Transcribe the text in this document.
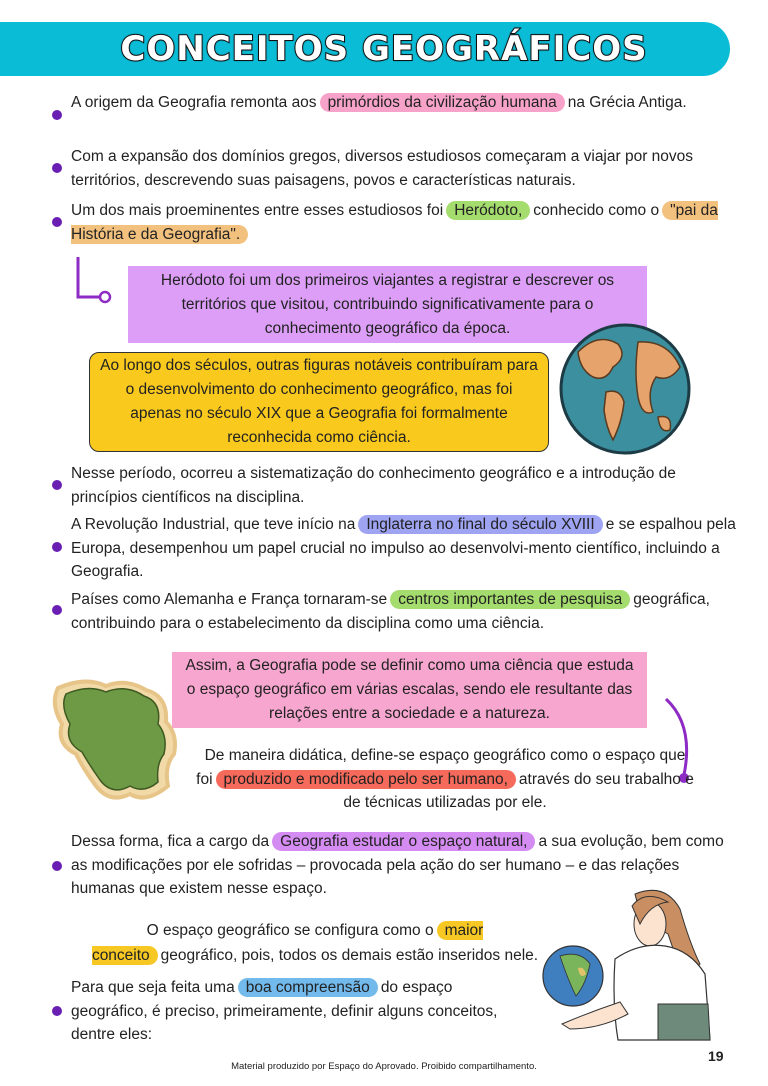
CONCEITOS GEOGRÁFICOS
A origem da Geografia remonta aos primórdios da civilização humana na Grécia Antiga.
Com a expansão dos domínios gregos, diversos estudiosos começaram a viajar por novos territórios, descrevendo suas paisagens, povos e características naturais.
Um dos mais proeminentes entre esses estudiosos foi Heródoto, conhecido como o "pai da História e da Geografia".
Heródoto foi um dos primeiros viajantes a registrar e descrever os territórios que visitou, contribuindo significativamente para o conhecimento geográfico da época.
Ao longo dos séculos, outras figuras notáveis contribuíram para o desenvolvimento do conhecimento geográfico, mas foi apenas no século XIX que a Geografia foi formalmente reconhecida como ciência.
Nesse período, ocorreu a sistematização do conhecimento geográfico e a introdução de princípios científicos na disciplina.
A Revolução Industrial, que teve início na Inglaterra no final do século XVIII e se espalhou pela Europa, desempenhou um papel crucial no impulso ao desenvolvi-mento científico, incluindo a Geografia.
Países como Alemanha e França tornaram-se centros importantes de pesquisa geográfica, contribuindo para o estabelecimento da disciplina como uma ciência.
Assim, a Geografia pode se definir como uma ciência que estuda o espaço geográfico em várias escalas, sendo ele resultante das relações entre a sociedade e a natureza.
De maneira didática, define-se espaço geográfico como o espaço que foi produzido e modificado pelo ser humano, através do seu trabalho e de técnicas utilizadas por ele.
Dessa forma, fica a cargo da Geografia estudar o espaço natural, a sua evolução, bem como as modificações por ele sofridas – provocada pela ação do ser humano – e das relações humanas que existem nesse espaço.
O espaço geográfico se configura como o maior conceito geográfico, pois, todos os demais estão inseridos nele.
Para que seja feita uma boa compreensão do espaço geográfico, é preciso, primeiramente, definir alguns conceitos, dentre eles:
19
Material produzido por Espaço do Aprovado. Proibido compartilhamento.
